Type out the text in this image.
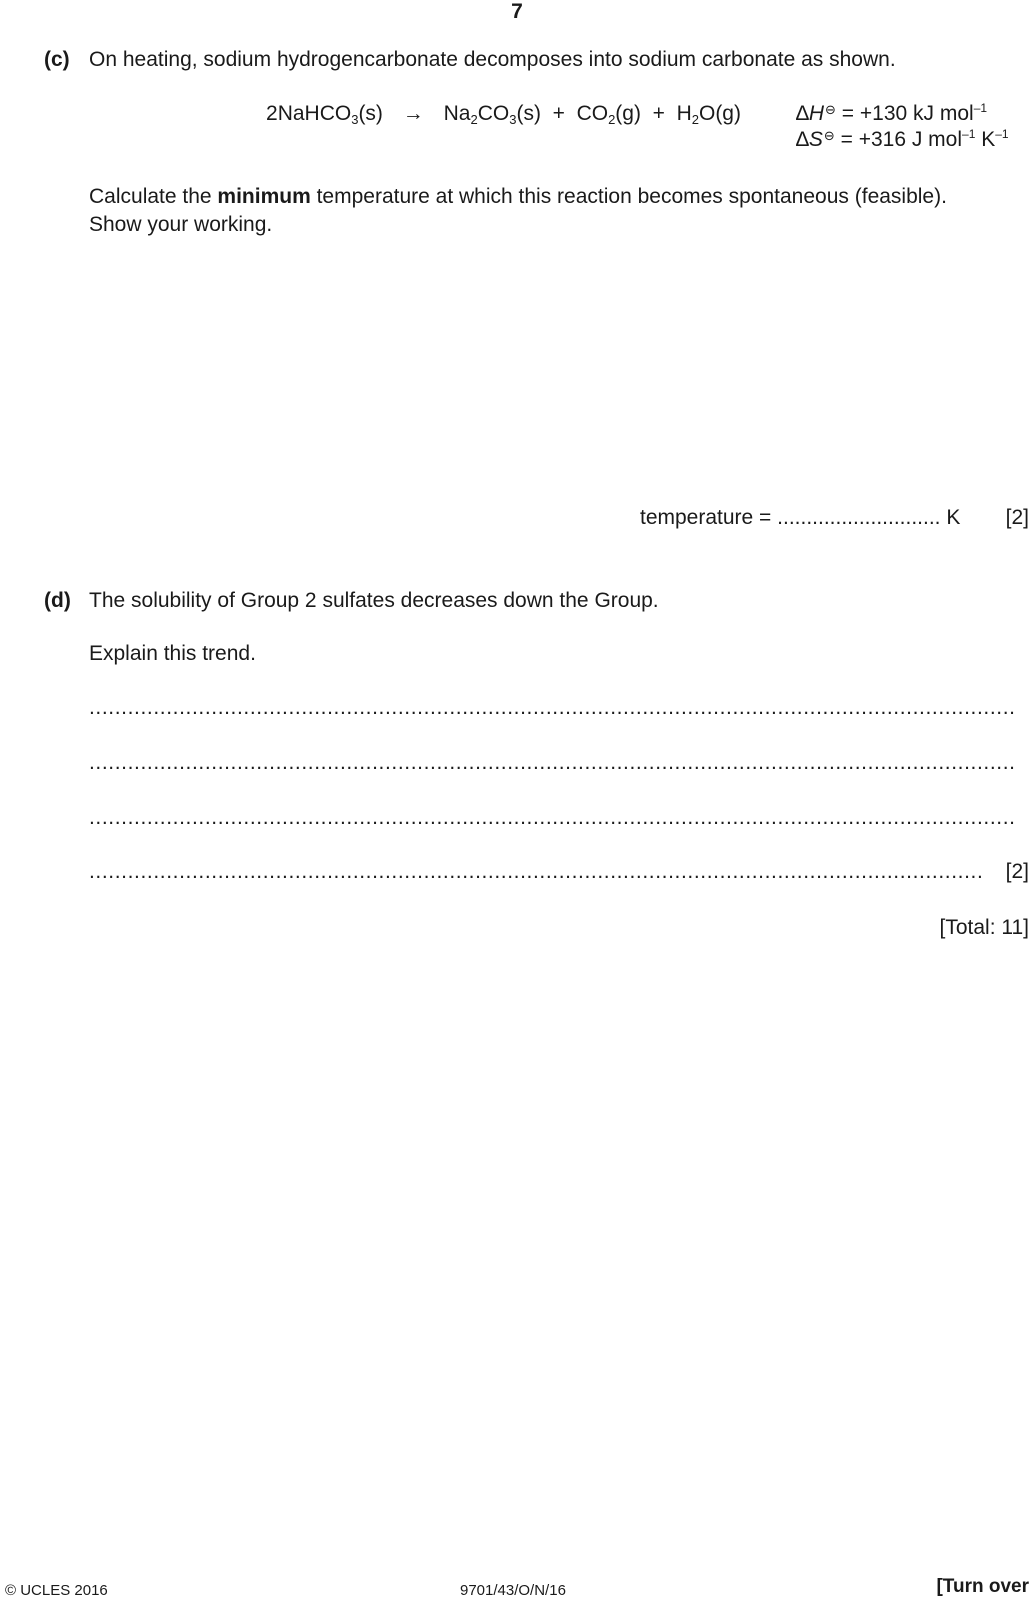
7
(c) On heating, sodium hydrogencarbonate decomposes into sodium carbonate as shown.
2NaHCO$_3$(s) → $Na_2CO_3(s) + CO_2(g) + H_2O(g)$	∆H⊖ = +130 kJ mol$^{-1}$
∆S⊖ = +316 J mol$^{-1}$ $K^{-1}$
Calculate the minimum temperature at which this reaction becomes spontaneous (feasible).
Show your working.
temperature = ............................ K [2]
(d) The solubility of Group 2 sulfates decreases down the Group.
Explain this trend.
................................................................................................................................................
................................................................................................................................................
................................................................................................................................................
........................................................................................................................................... [2]
[Total: 11]
© UCLES 2016	9701/43/O/N/16	[Turn over
